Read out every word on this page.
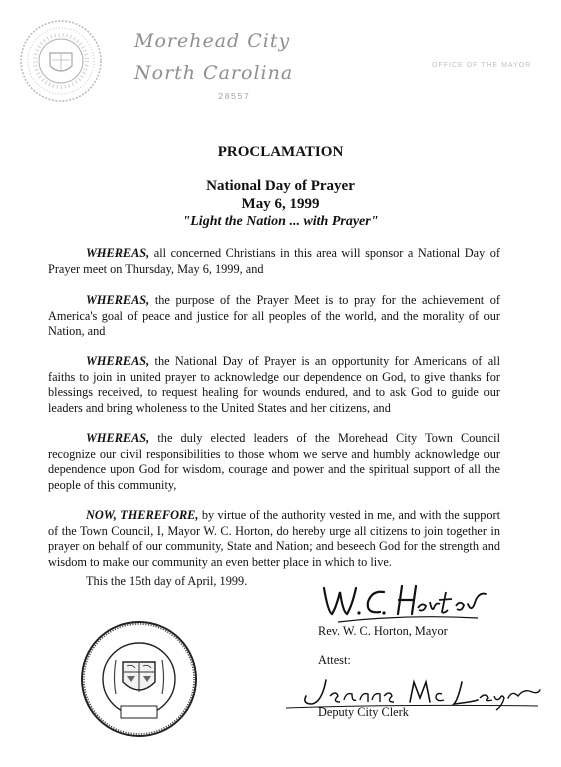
Morehead City
North Carolina
28557
OFFICE OF THE MAYOR
PROCLAMATION
National Day of Prayer
May 6, 1999
"Light the Nation ... with Prayer"

WHEREAS, all concerned Christians in this area will sponsor a National Day of Prayer meet on Thursday, May 6, 1999, and

WHEREAS, the purpose of the Prayer Meet is to pray for the achievement of America's goal of peace and justice for all peoples of the world, and the morality of our Nation, and

WHEREAS, the National Day of Prayer is an opportunity for Americans of all faiths to join in united prayer to acknowledge our dependence on God, to give thanks for blessings received, to request healing for wounds endured, and to ask God to guide our leaders and bring wholeness to the United States and her citizens, and

WHEREAS, the duly elected leaders of the Morehead City Town Council recognize our civil responsibilities to those whom we serve and humbly acknowledge our dependence upon God for wisdom, courage and power and the spiritual support of all the people of this community,

NOW, THEREFORE, by virtue of the authority vested in me, and with the support of the Town Council, I, Mayor W. C. Horton, do hereby urge all citizens to join together in prayer on behalf of our community, State and Nation; and beseech God for the strength and wisdom to make our community an even better place in which to live.

This the 15th day of April, 1999.
Rev. W. C. Horton, Mayor
Attest:
Deputy City Clerk
